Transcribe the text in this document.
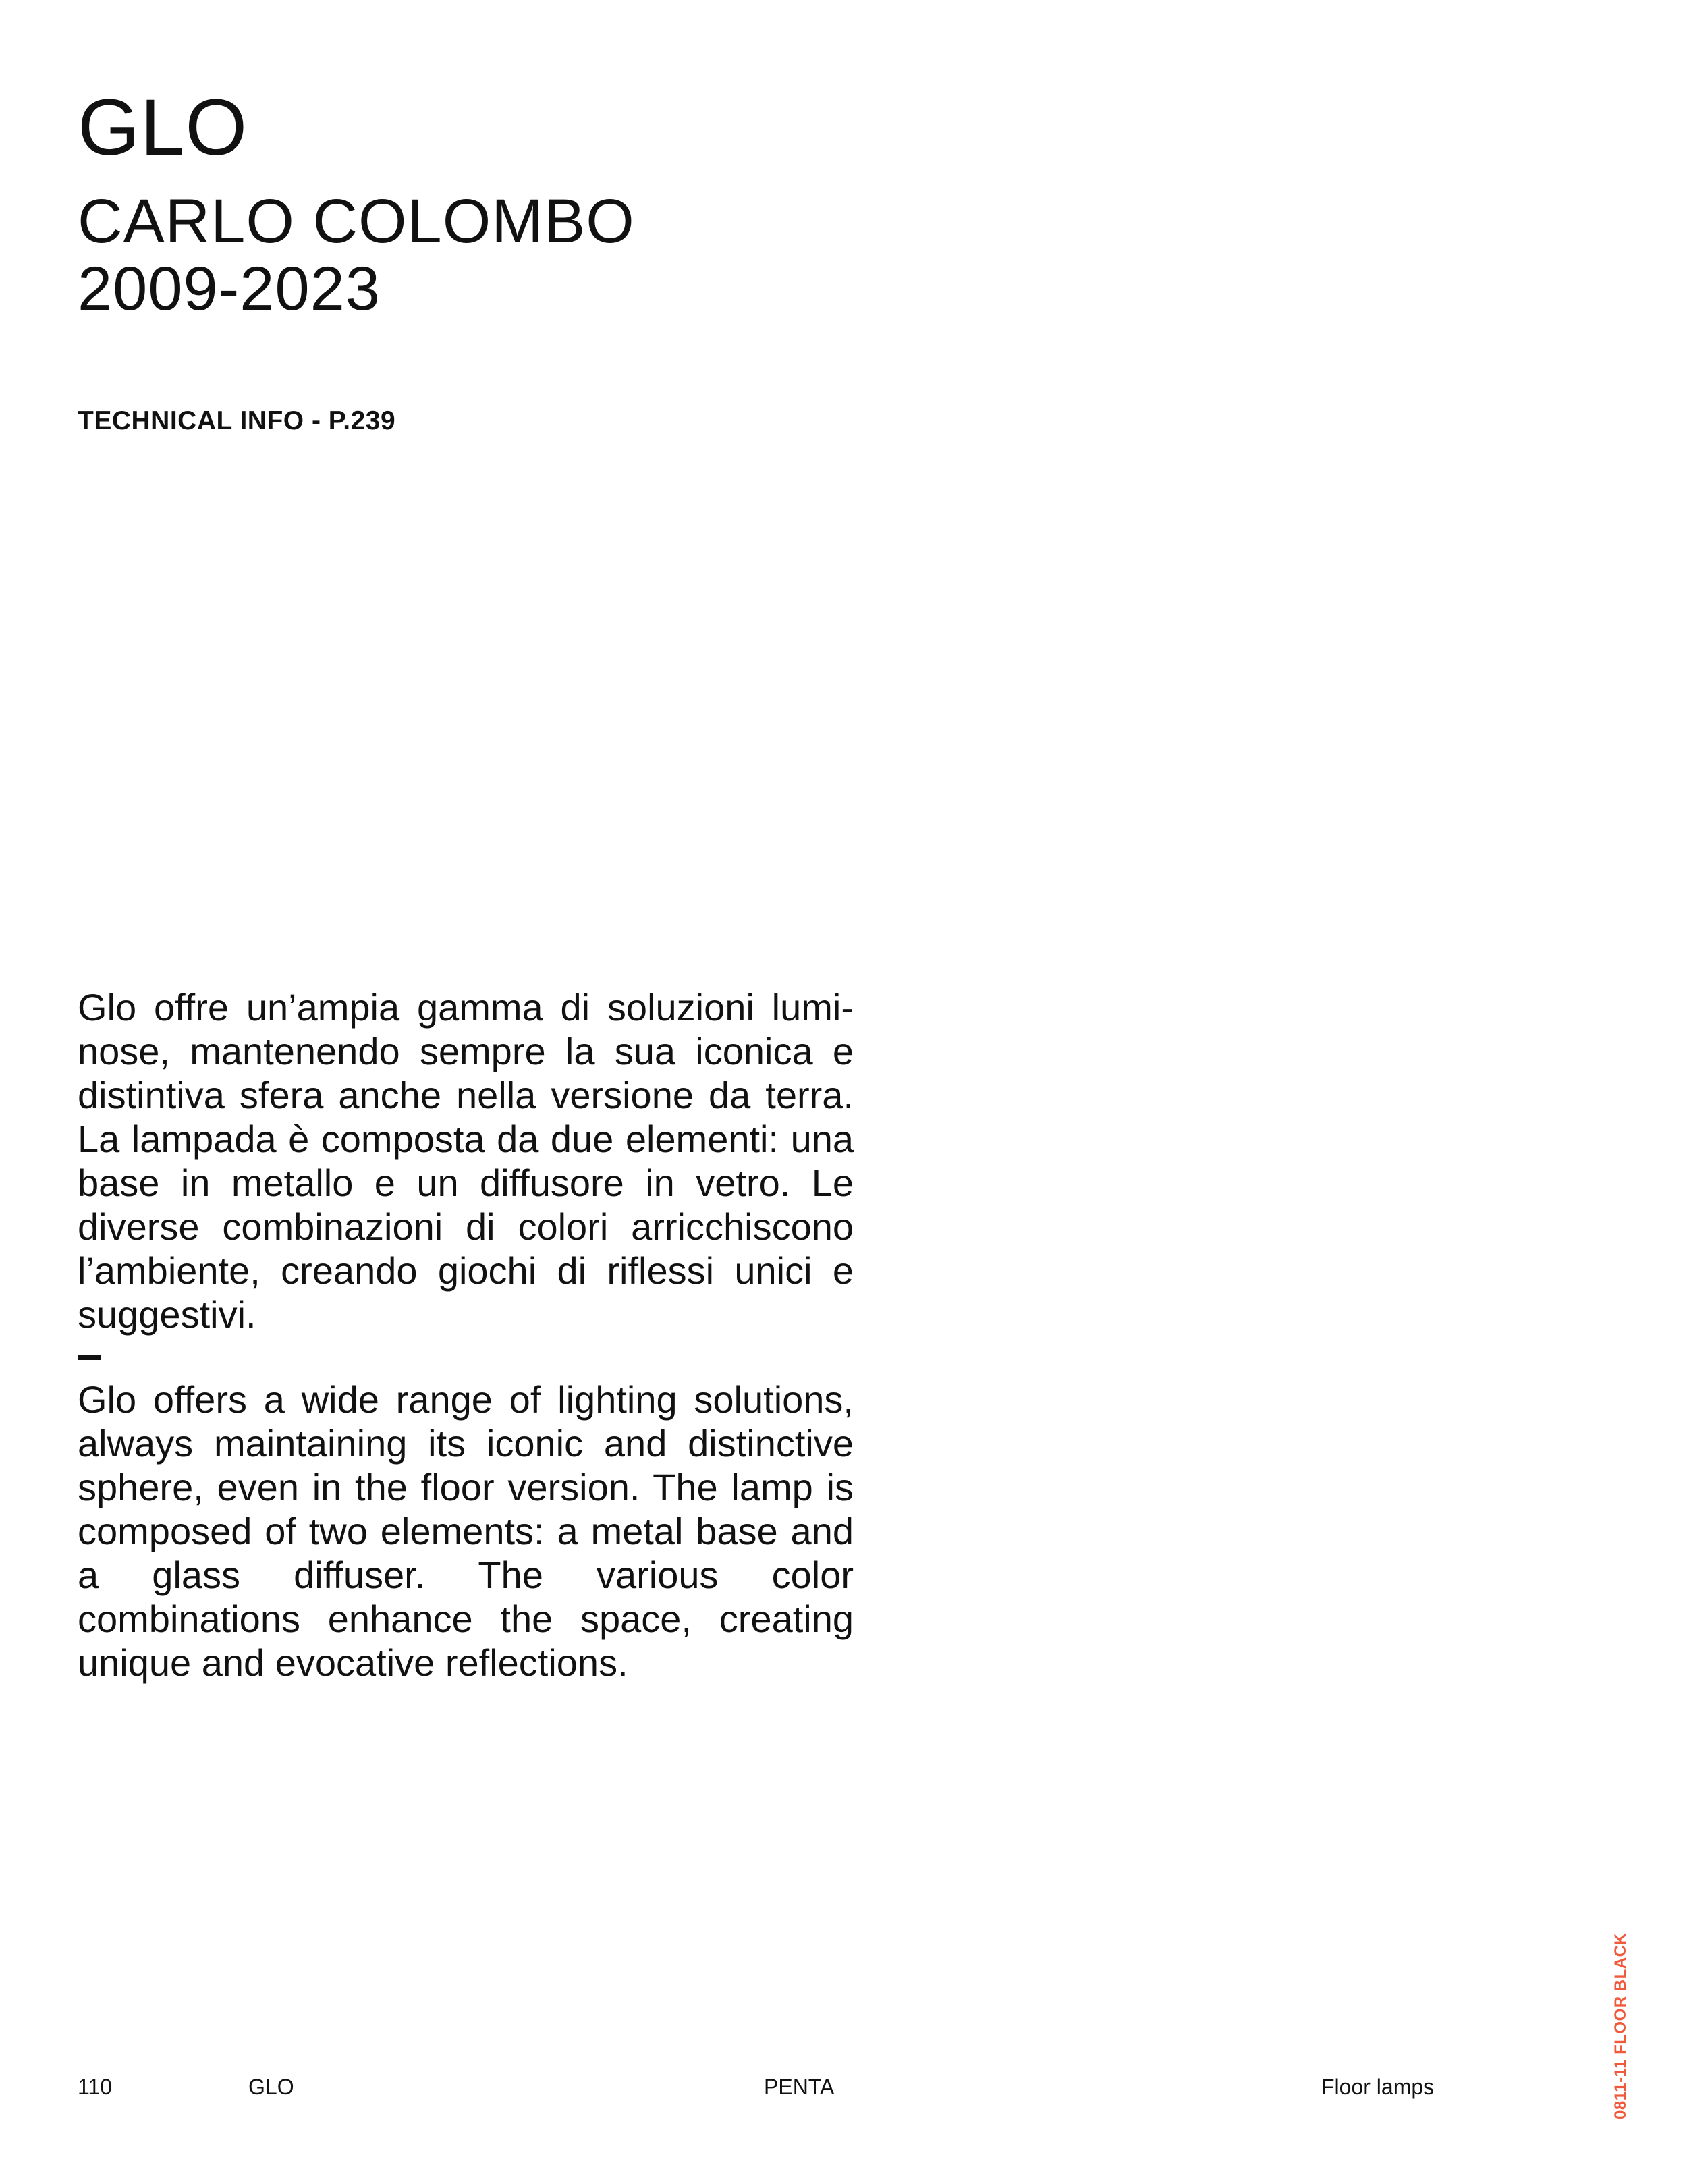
GLO
CARLO COLOMBO
2009-2023
TECHNICAL INFO - P.239

Glo offre un’ampia gamma di soluzioni luminose, mantenendo sempre la sua iconica e distintiva sfera anche nella versione da terra. La lampada è composta da due elementi: una base in metallo e un diffusore in vetro. Le diverse combinazioni di colori arricchiscono l’ambiente, creando giochi di riflessi unici e suggestivi.

Glo offers a wide range of lighting solutions, always maintaining its iconic and distinctive sphere, even in the floor version. The lamp is composed of two elements: a metal base and a glass diffuser. The various color combinations enhance the space, creating unique and evocative reflections.

110	GLO	PENTA	Floor lamps	0811-11 FLOOR BLACK
